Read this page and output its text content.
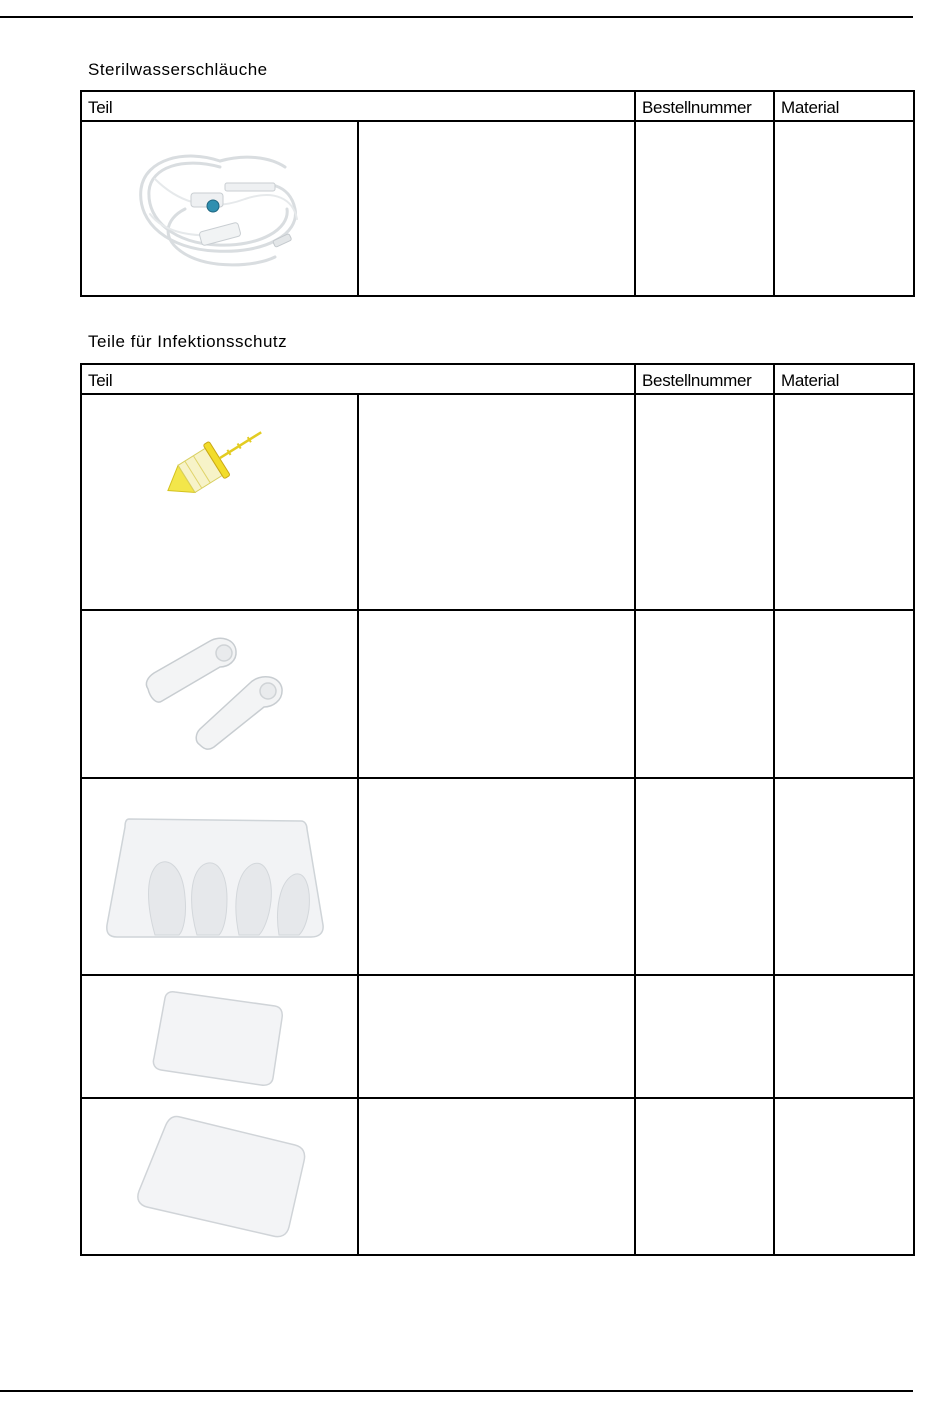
Sterilwasserschläuche
Teil		Bestellnummer	Material

Teile für Infektionsschutz
Teil		Bestellnummer	Material
